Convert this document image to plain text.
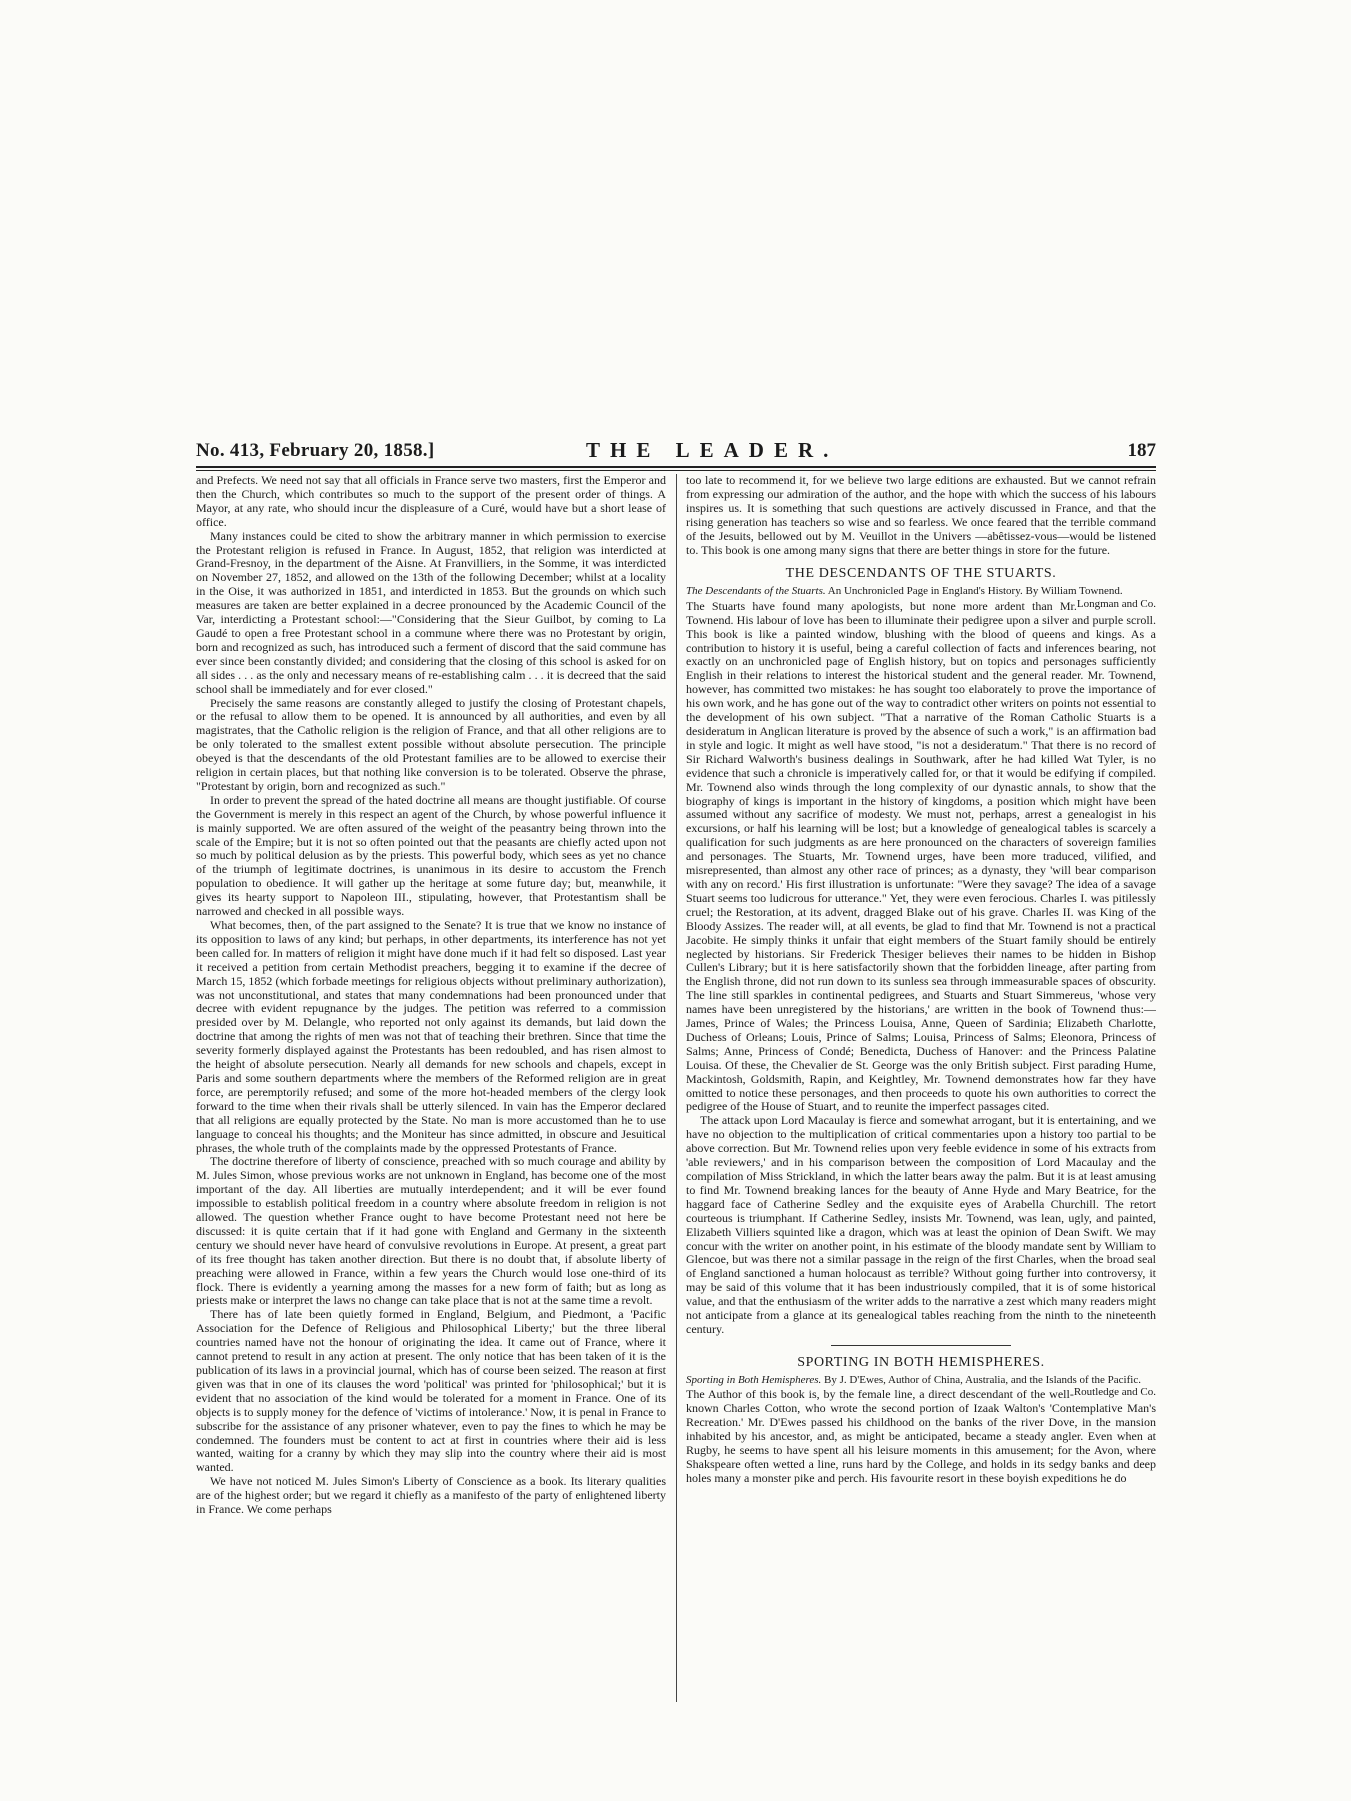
No. 413, February 20, 1858.]	THE LEADER.	187

and Prefects. We need not say that all officials in France serve two masters, first the Emperor and then the Church, which contributes so much to the support of the present order of things. A Mayor, at any rate, who should incur the displeasure of a Curé, would have but a short lease of office.

Many instances could be cited to show the arbitrary manner in which permission to exercise the Protestant religion is refused in France. In August, 1852, that religion was interdicted at Grand-Fresnoy, in the department of the Aisne. At Franvilliers, in the Somme, it was interdicted on November 27, 1852, and allowed on the 13th of the following December; whilst at a locality in the Oise, it was authorized in 1851, and interdicted in 1853. But the grounds on which such measures are taken are better explained in a decree pronounced by the Academic Council of the Var, interdicting a Protestant school:—"Considering that the Sieur Guilbot, by coming to La Gaudé to open a free Protestant school in a commune where there was no Protestant by origin, born and recognized as such, has introduced such a ferment of discord that the said commune has ever since been constantly divided; and considering that the closing of this school is asked for on all sides . . . as the only and necessary means of re-establishing calm . . . it is decreed that the said school shall be immediately and for ever closed."

Precisely the same reasons are constantly alleged to justify the closing of Protestant chapels, or the refusal to allow them to be opened. It is announced by all authorities, and even by all magistrates, that the Catholic religion is the religion of France, and that all other religions are to be only tolerated to the smallest extent possible without absolute persecution. The principle obeyed is that the descendants of the old Protestant families are to be allowed to exercise their religion in certain places, but that nothing like conversion is to be tolerated. Observe the phrase, "Protestant by origin, born and recognized as such."

In order to prevent the spread of the hated doctrine all means are thought justifiable. Of course the Government is merely in this respect an agent of the Church, by whose powerful influence it is mainly supported. We are often assured of the weight of the peasantry being thrown into the scale of the Empire; but it is not so often pointed out that the peasants are chiefly acted upon not so much by political delusion as by the priests. This powerful body, which sees as yet no chance of the triumph of legitimate doctrines, is unanimous in its desire to accustom the French population to obedience. It will gather up the heritage at some future day; but, meanwhile, it gives its hearty support to Napoleon III., stipulating, however, that Protestantism shall be narrowed and checked in all possible ways.

What becomes, then, of the part assigned to the Senate? It is true that we know no instance of its opposition to laws of any kind; but perhaps, in other departments, its interference has not yet been called for. In matters of religion it might have done much if it had felt so disposed. Last year it received a petition from certain Methodist preachers, begging it to examine if the decree of March 15, 1852 (which forbade meetings for religious objects without preliminary authorization), was not unconstitutional, and states that many condemnations had been pronounced under that decree with evident repugnance by the judges. The petition was referred to a commission presided over by M. Delangle, who reported not only against its demands, but laid down the doctrine that among the rights of men was not that of teaching their brethren. Since that time the severity formerly displayed against the Protestants has been redoubled, and has risen almost to the height of absolute persecution. Nearly all demands for new schools and chapels, except in Paris and some southern departments where the members of the Reformed religion are in great force, are peremptorily refused; and some of the more hot-headed members of the clergy look forward to the time when their rivals shall be utterly silenced. In vain has the Emperor declared that all religions are equally protected by the State. No man is more accustomed than he to use language to conceal his thoughts; and the Moniteur has since admitted, in obscure and Jesuitical phrases, the whole truth of the complaints made by the oppressed Protestants of France.

The doctrine therefore of liberty of conscience, preached with so much courage and ability by M. Jules Simon, whose previous works are not unknown in England, has become one of the most important of the day. All liberties are mutually interdependent; and it will be ever found impossible to establish political freedom in a country where absolute freedom in religion is not allowed. The question whether France ought to have become Protestant need not here be discussed: it is quite certain that if it had gone with England and Germany in the sixteenth century we should never have heard of convulsive revolutions in Europe. At present, a great part of its free thought has taken another direction. But there is no doubt that, if absolute liberty of preaching were allowed in France, within a few years the Church would lose one-third of its flock. There is evidently a yearning among the masses for a new form of faith; but as long as priests make or interpret the laws no change can take place that is not at the same time a revolt.

There has of late been quietly formed in England, Belgium, and Piedmont, a 'Pacific Association for the Defence of Religious and Philosophical Liberty;' but the three liberal countries named have not the honour of originating the idea. It came out of France, where it cannot pretend to result in any action at present. The only notice that has been taken of it is the publication of its laws in a provincial journal, which has of course been seized. The reason at first given was that in one of its clauses the word 'political' was printed for 'philosophical;' but it is evident that no association of the kind would be tolerated for a moment in France. One of its objects is to supply money for the defence of 'victims of intolerance.' Now, it is penal in France to subscribe for the assistance of any prisoner whatever, even to pay the fines to which he may be condemned. The founders must be content to act at first in countries where their aid is less wanted, waiting for a cranny by which they may slip into the country where their aid is most wanted.

We have not noticed M. Jules Simon's Liberty of Conscience as a book. Its literary qualities are of the highest order; but we regard it chiefly as a manifesto of the party of enlightened liberty in France. We come perhaps

too late to recommend it, for we believe two large editions are exhausted. But we cannot refrain from expressing our admiration of the author, and the hope with which the success of his labours inspires us. It is something that such questions are actively discussed in France, and that the rising generation has teachers so wise and so fearless. We once feared that the terrible command of the Jesuits, bellowed out by M. Veuillot in the Univers —abêtissez-vous—would be listened to. This book is one among many signs that there are better things in store for the future.

THE DESCENDANTS OF THE STUARTS.
The Descendants of the Stuarts. An Unchronicled Page in England's History. By William Townend.
Longman and Co.

The Stuarts have found many apologists, but none more ardent than Mr. Townend. His labour of love has been to illuminate their pedigree upon a silver and purple scroll. This book is like a painted window, blushing with the blood of queens and kings. As a contribution to history it is useful, being a careful collection of facts and inferences bearing, not exactly on an unchronicled page of English history, but on topics and personages sufficiently English in their relations to interest the historical student and the general reader. Mr. Townend, however, has committed two mistakes: he has sought too elaborately to prove the importance of his own work, and he has gone out of the way to contradict other writers on points not essential to the development of his own subject. "That a narrative of the Roman Catholic Stuarts is a desideratum in Anglican literature is proved by the absence of such a work," is an affirmation bad in style and logic. It might as well have stood, "is not a desideratum." That there is no record of Sir Richard Walworth's business dealings in Southwark, after he had killed Wat Tyler, is no evidence that such a chronicle is imperatively called for, or that it would be edifying if compiled. Mr. Townend also winds through the long complexity of our dynastic annals, to show that the biography of kings is important in the history of kingdoms, a position which might have been assumed without any sacrifice of modesty. We must not, perhaps, arrest a genealogist in his excursions, or half his learning will be lost; but a knowledge of genealogical tables is scarcely a qualification for such judgments as are here pronounced on the characters of sovereign families and personages. The Stuarts, Mr. Townend urges, have been more traduced, vilified, and misrepresented, than almost any other race of princes; as a dynasty, they 'will bear comparison with any on record.' His first illustration is unfortunate: "Were they savage? The idea of a savage Stuart seems too ludicrous for utterance." Yet, they were even ferocious. Charles I. was pitilessly cruel; the Restoration, at its advent, dragged Blake out of his grave. Charles II. was King of the Bloody Assizes. The reader will, at all events, be glad to find that Mr. Townend is not a practical Jacobite. He simply thinks it unfair that eight members of the Stuart family should be entirely neglected by historians. Sir Frederick Thesiger believes their names to be hidden in Bishop Cullen's Library; but it is here satisfactorily shown that the forbidden lineage, after parting from the English throne, did not run down to its sunless sea through immeasurable spaces of obscurity. The line still sparkles in continental pedigrees, and Stuarts and Stuart Simmereus, 'whose very names have been unregistered by the historians,' are written in the book of Townend thus:—James, Prince of Wales; the Princess Louisa, Anne, Queen of Sardinia; Elizabeth Charlotte, Duchess of Orleans; Louis, Prince of Salms; Louisa, Princess of Salms; Eleonora, Princess of Salms; Anne, Princess of Condé; Benedicta, Duchess of Hanover: and the Princess Palatine Louisa. Of these, the Chevalier de St. George was the only British subject. First parading Hume, Mackintosh, Goldsmith, Rapin, and Keightley, Mr. Townend demonstrates how far they have omitted to notice these personages, and then proceeds to quote his own authorities to correct the pedigree of the House of Stuart, and to reunite the imperfect passages cited.

The attack upon Lord Macaulay is fierce and somewhat arrogant, but it is entertaining, and we have no objection to the multiplication of critical commentaries upon a history too partial to be above correction. But Mr. Townend relies upon very feeble evidence in some of his extracts from 'able reviewers,' and in his comparison between the composition of Lord Macaulay and the compilation of Miss Strickland, in which the latter bears away the palm. But it is at least amusing to find Mr. Townend breaking lances for the beauty of Anne Hyde and Mary Beatrice, for the haggard face of Catherine Sedley and the exquisite eyes of Arabella Churchill. The retort courteous is triumphant. If Catherine Sedley, insists Mr. Townend, was lean, ugly, and painted, Elizabeth Villiers squinted like a dragon, which was at least the opinion of Dean Swift. We may concur with the writer on another point, in his estimate of the bloody mandate sent by William to Glencoe, but was there not a similar passage in the reign of the first Charles, when the broad seal of England sanctioned a human holocaust as terrible? Without going further into controversy, it may be said of this volume that it has been industriously compiled, that it is of some historical value, and that the enthusiasm of the writer adds to the narrative a zest which many readers might not anticipate from a glance at its genealogical tables reaching from the ninth to the nineteenth century.

SPORTING IN BOTH HEMISPHERES.
Sporting in Both Hemispheres. By J. D'Ewes, Author of China, Australia, and the Islands of the Pacific.
Routledge and Co.

The Author of this book is, by the female line, a direct descendant of the well-known Charles Cotton, who wrote the second portion of Izaak Walton's 'Contemplative Man's Recreation.' Mr. D'Ewes passed his childhood on the banks of the river Dove, in the mansion inhabited by his ancestor, and, as might be anticipated, became a steady angler. Even when at Rugby, he seems to have spent all his leisure moments in this amusement; for the Avon, where Shakspeare often wetted a line, runs hard by the College, and holds in its sedgy banks and deep holes many a monster pike and perch. His favourite resort in these boyish expeditions he do
